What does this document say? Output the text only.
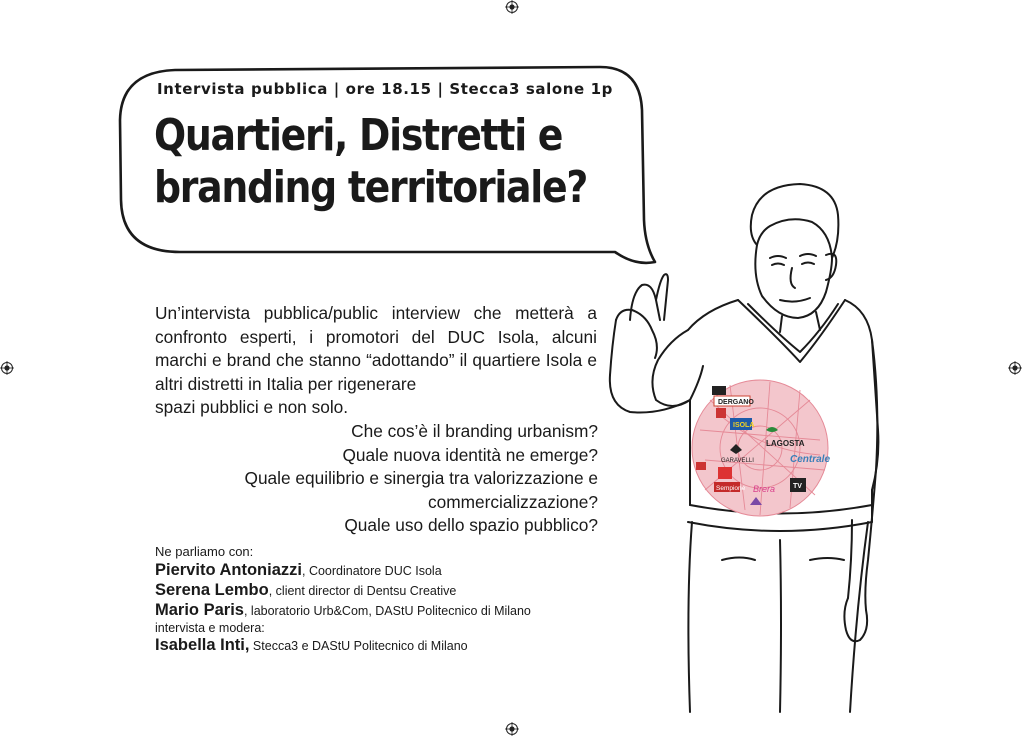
Intervista pubblica | ore 18.15 | Stecca3 salone 1p
Quartieri, Distretti e
branding territoriale?
Un’intervista pubblica/public interview che metterà a confronto esperti, i promotori del DUC Isola, alcuni marchi e brand che stanno “adottando” il quartiere Isola e altri distretti in Italia per rigenerare
spazi pubblici e non solo.
Che cos’è il branding urbanism?
Quale nuova identità ne emerge?
Quale equilibrio e sinergia tra valorizzazione e
commercializzazione?
Quale uso dello spazio pubblico?
Ne parliamo con:
Piervito Antoniazzi, Coordinatore DUC Isola
Serena Lembo, client director di Dentsu Creative
Mario Paris, laboratorio Urb&Com, DAStU Politecnico di Milano
intervista e modera:
Isabella Inti, Stecca3 e DAStU Politecnico di Milano
DERGANO
ISOLA
LAGOSTA
GARAVELLI	Centrale
Sempione Brera	TV
